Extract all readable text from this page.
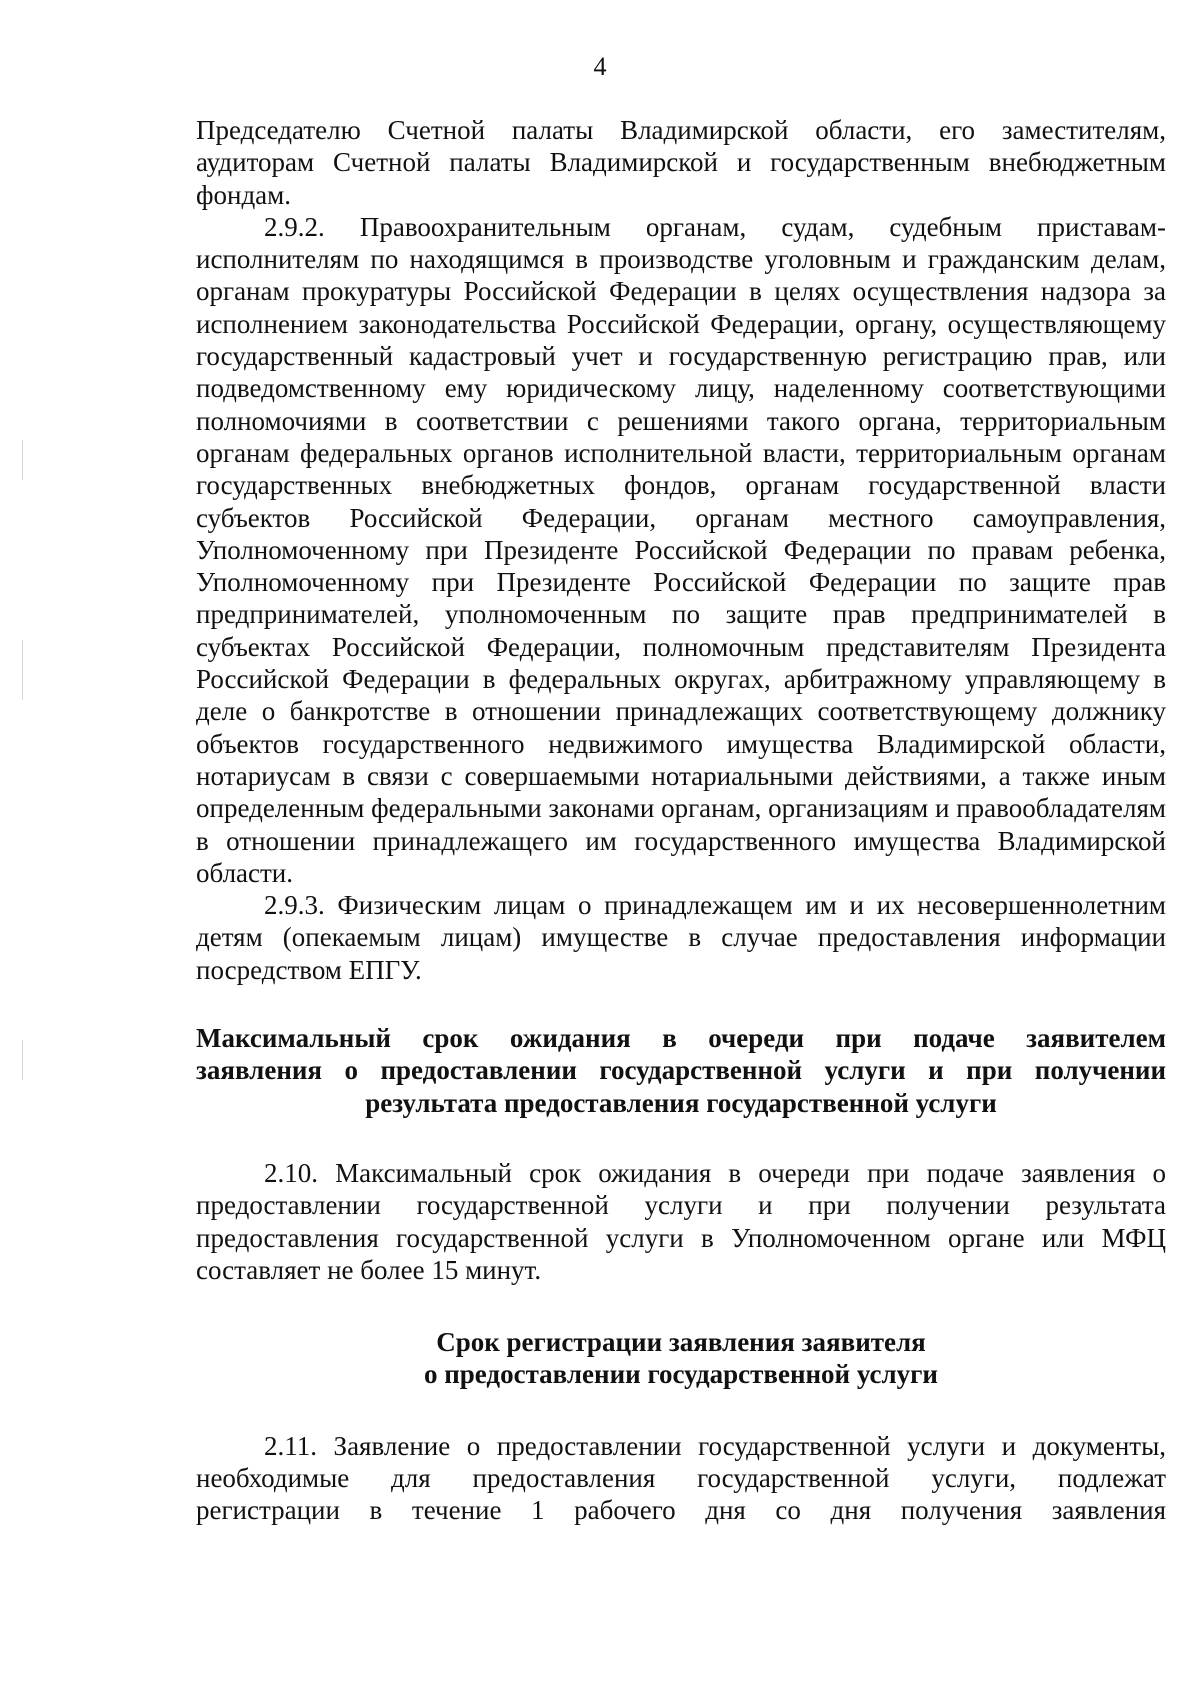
4

Председателю Счетной палаты Владимирской области, его заместителям, аудиторам Счетной палаты Владимирской и государственным внебюджетным фондам.

2.9.2. Правоохранительным органам, судам, судебным приставам-исполнителям по находящимся в производстве уголовным и гражданским делам, органам прокуратуры Российской Федерации в целях осуществления надзора за исполнением законодательства Российской Федерации, органу, осуществляющему государственный кадастровый учет и государственную регистрацию прав, или подведомственному ему юридическому лицу, наделенному соответствующими полномочиями в соответствии с решениями такого органа, территориальным органам федеральных органов исполнительной власти, территориальным органам государственных внебюджетных фондов, органам государственной власти субъектов Российской Федерации, органам местного самоуправления, Уполномоченному при Президенте Российской Федерации по правам ребенка, Уполномоченному при Президенте Российской Федерации по защите прав предпринимателей, уполномоченным по защите прав предпринимателей в субъектах Российской Федерации, полномочным представителям Президента Российской Федерации в федеральных округах, арбитражному управляющему в деле о банкротстве в отношении принадлежащих соответствующему должнику объектов государственного недвижимого имущества Владимирской области, нотариусам в связи с совершаемыми нотариальными действиями, а также иным определенным федеральными законами органам, организациям и правообладателям в отношении принадлежащего им государственного имущества Владимирской области.

2.9.3. Физическим лицам о принадлежащем им и их несовершеннолетним детям (опекаемым лицам) имуществе в случае предоставления информации посредством ЕПГУ.

Максимальный срок ожидания в очереди при подаче заявителем
заявления о предоставлении государственной услуги и при получении
результата предоставления государственной услуги

2.10. Максимальный срок ожидания в очереди при подаче заявления о предоставлении государственной услуги и при получении результата предоставления государственной услуги в Уполномоченном органе или МФЦ составляет не более 15 минут.

Срок регистрации заявления заявителя
о предоставлении государственной услуги
2.11. Заявление о предоставлении государственной услуги и документы,
необходимые для предоставления государственной услуги, подлежат
регистрации в течение 1 рабочего дня со дня получения заявления
